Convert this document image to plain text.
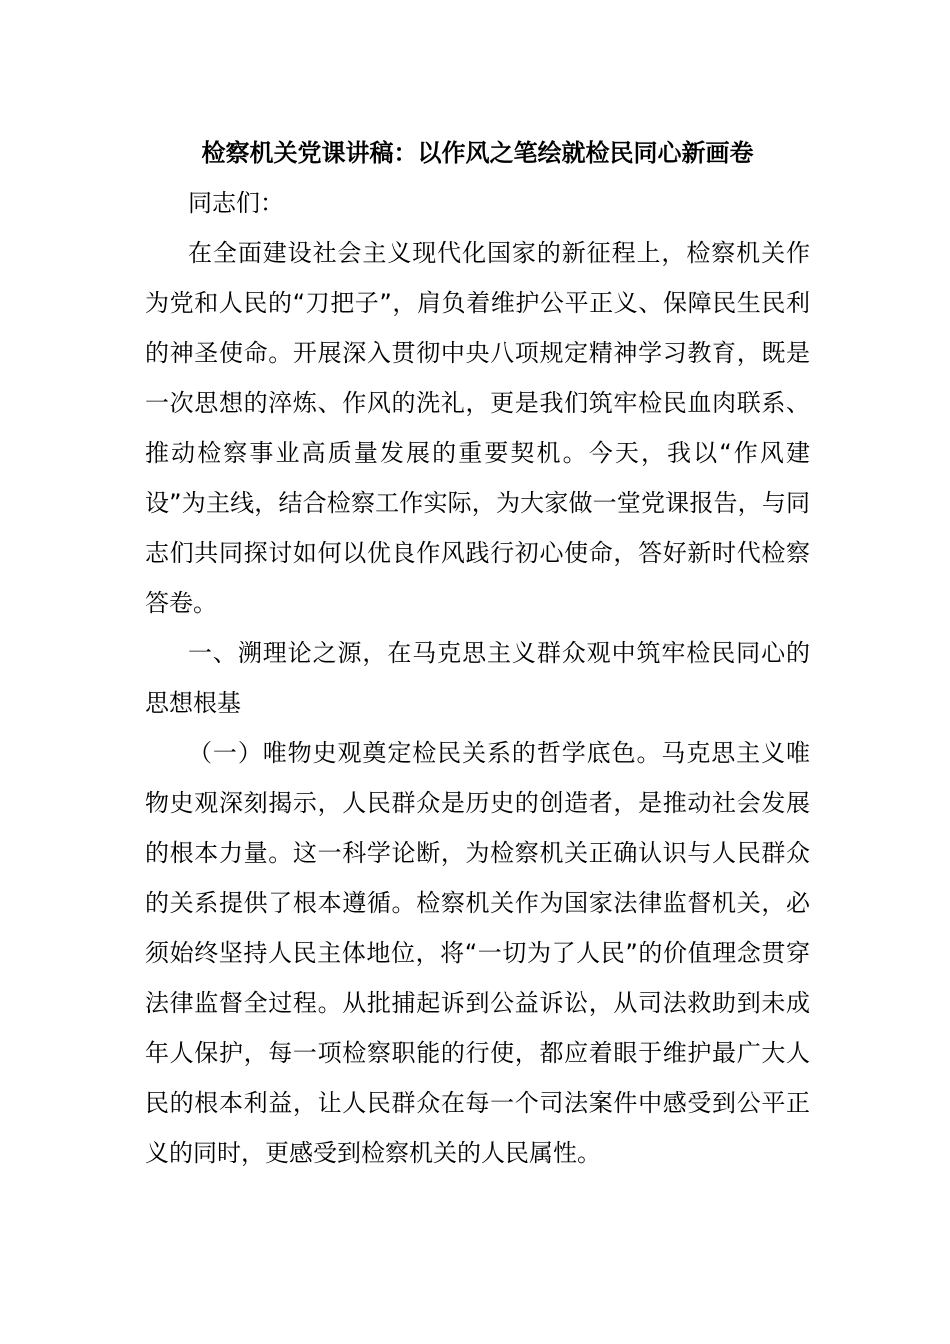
检察机关党课讲稿：以作风之笔绘就检民同心新画卷

同志们：

在全面建设社会主义现代化国家的新征程上，检察机关作为党和人民的“刀把子”，肩负着维护公平正义、保障民生民利的神圣使命。开展深入贯彻中央八项规定精神学习教育，既是一次思想的淬炼、作风的洗礼，更是我们筑牢检民血肉联系、推动检察事业高质量发展的重要契机。今天，我以“作风建设”为主线，结合检察工作实际，为大家做一堂党课报告，与同志们共同探讨如何以优良作风践行初心使命，答好新时代检察答卷。

一、溯理论之源，在马克思主义群众观中筑牢检民同心的思想根基

（一）唯物史观奠定检民关系的哲学底色。马克思主义唯物史观深刻揭示，人民群众是历史的创造者，是推动社会发展的根本力量。这一科学论断，为检察机关正确认识与人民群众的关系提供了根本遵循。检察机关作为国家法律监督机关，必须始终坚持人民主体地位，将“一切为了人民”的价值理念贯穿法律监督全过程。从批捕起诉到公益诉讼，从司法救助到未成年人保护，每一项检察职能的行使，都应着眼于维护最广大人民的根本利益，让人民群众在每一个司法案件中感受到公平正义的同时，更感受到检察机关的人民属性。
